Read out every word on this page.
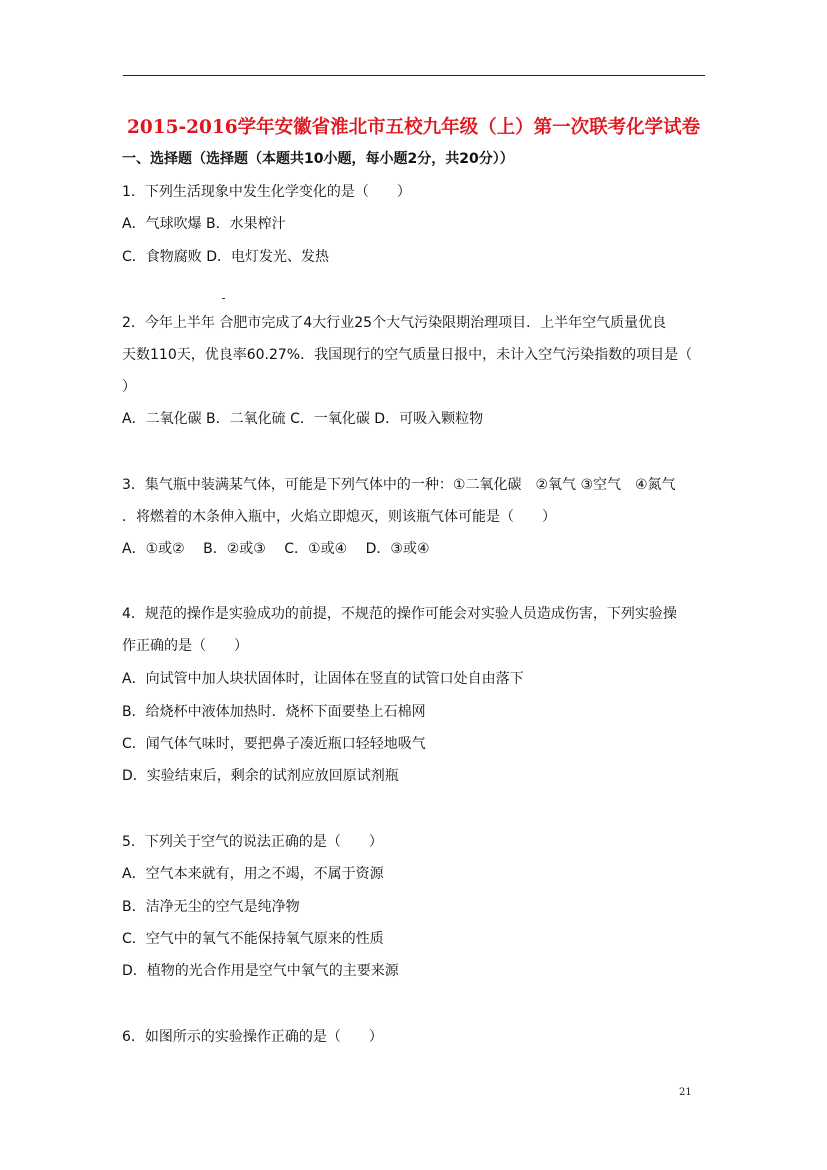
2015-2016学年安徽省淮北市五校九年级（上）第一次联考化学试卷
一、选择题（选择题（本题共10小题，每小题2分，共20分））
1．下列生活现象中发生化学变化的是（　　）
A．气球吹爆 B．水果榨汁
C．食物腐败 D．电灯发光、发热
2．今年上半年 合肥市完成了4大行业25个大气污染限期治理项目．上半年空气质量优良
天数110天，优良率60.27%．我国现行的空气质量日报中，未计入空气污染指数的项目是（
）
A．二氧化碳 B．二氧化硫 C．一氧化碳 D．可吸入颗粒物
3．集气瓶中装满某气体，可能是下列气体中的一种：①二氧化碳　②氧气 ③空气　④氮气
．将燃着的木条伸入瓶中，火焰立即熄灭，则该瓶气体可能是（　　）
A．①或②　 B．②或③　 C．①或④　 D．③或④
4．规范的操作是实验成功的前提，不规范的操作可能会对实验人员造成伤害，下列实验操
作正确的是（　　）
A．向试管中加人块状固体时，让固体在竖直的试管口处自由落下
B．给烧杯中液体加热时．烧杯下面要垫上石棉网
C．闻气体气味时，要把鼻子凑近瓶口轻轻地吸气
D．实验结束后，剩余的试剂应放回原试剂瓶
5．下列关于空气的说法正确的是（　　）
A．空气本来就有，用之不竭，不属于资源
B．洁净无尘的空气是纯净物
C．空气中的氧气不能保持氧气原来的性质
D．植物的光合作用是空气中氧气的主要来源
6．如图所示的实验操作正确的是（　　）
21
